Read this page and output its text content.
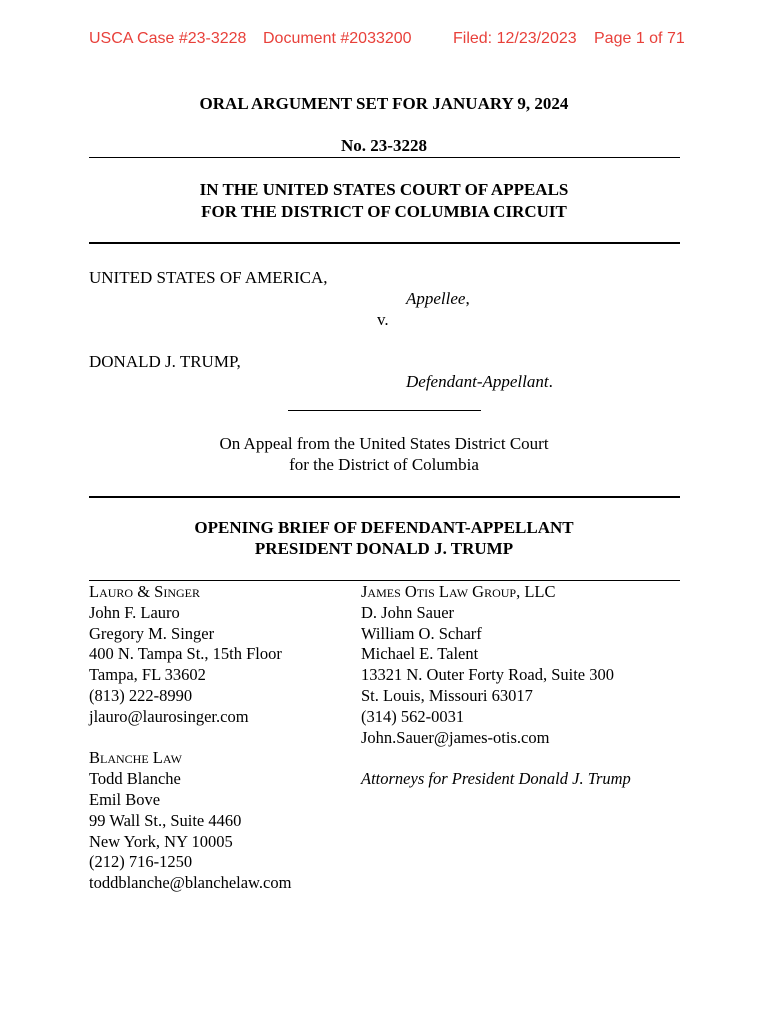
USCA Case #23-3228 Document #2033200	Filed: 12/23/2023 Page 1 of 71
ORAL ARGUMENT SET FOR JANUARY 9, 2024
No. 23-3228
IN THE UNITED STATES COURT OF APPEALS
FOR THE DISTRICT OF COLUMBIA CIRCUIT
UNITED STATES OF AMERICA,
Appellee,
v.
DONALD J. TRUMP,
Defendant-Appellant.
On Appeal from the United States District Court
for the District of Columbia
OPENING BRIEF OF DEFENDANT-APPELLANT
PRESIDENT DONALD J. TRUMP
Lauro & Singer
John F. Lauro
Gregory M. Singer
400 N. Tampa St., 15th Floor
Tampa, FL 33602
(813) 222-8990
jlauro@laurosinger.com
Blanche Law
Todd Blanche
Emil Bove
99 Wall St., Suite 4460
New York, NY 10005
(212) 716-1250
toddblanche@blanchelaw.com
James Otis Law Group, LLC
D. John Sauer
William O. Scharf
Michael E. Talent
13321 N. Outer Forty Road, Suite 300
St. Louis, Missouri 63017
(314) 562-0031
John.Sauer@james-otis.com
Attorneys for President Donald J. Trump
